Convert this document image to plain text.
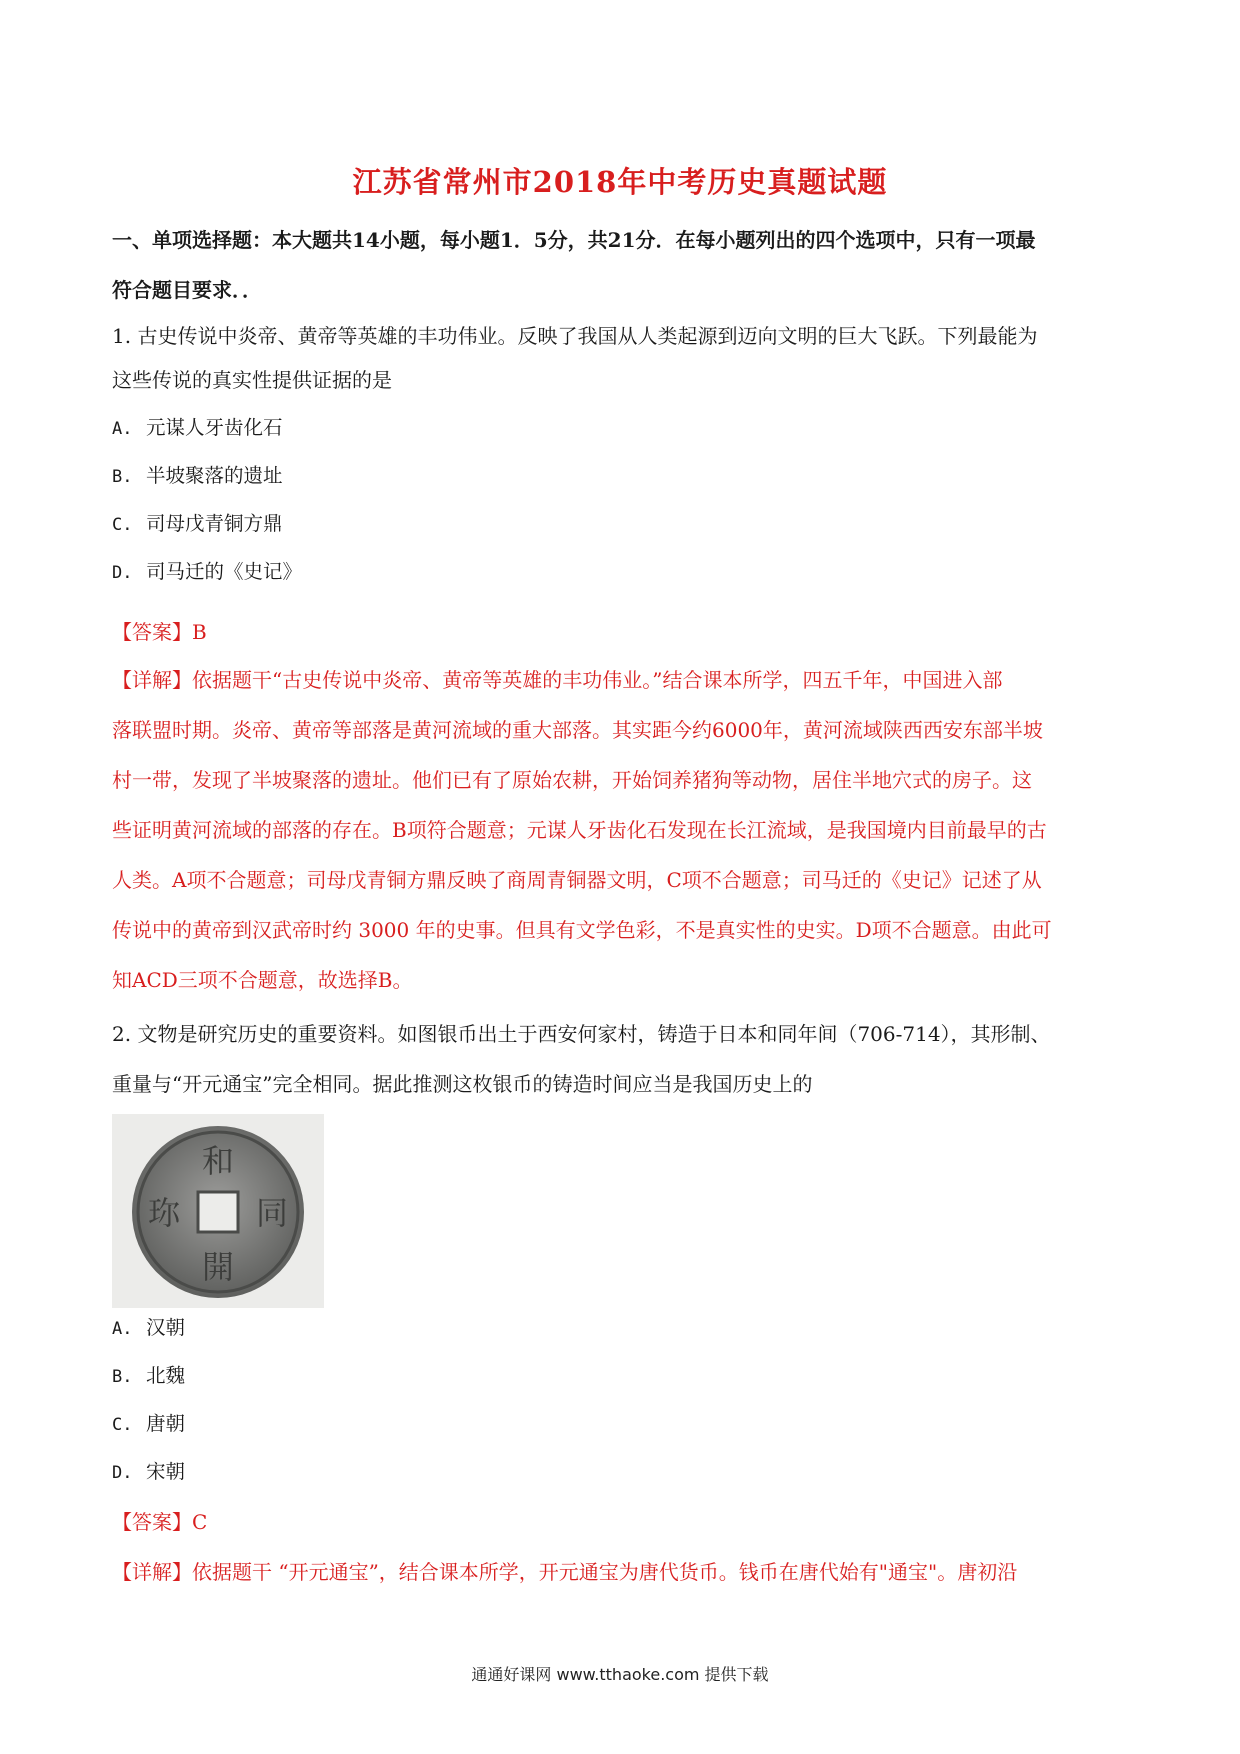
江苏省常州市2018年中考历史真题试题
一、单项选择题：本大题共14小题，每小题1．5分，共21分．在每小题列出的四个选项中，只有一项最
符合题目要求．．
1. 古史传说中炎帝、黄帝等英雄的丰功伟业。反映了我国从人类起源到迈向文明的巨大飞跃。下列最能为
这些传说的真实性提供证据的是
A. 元谋人牙齿化石
B. 半坡聚落的遗址
C. 司母戊青铜方鼎
D. 司马迁的《史记》
【答案】B
【详解】依据题干“古史传说中炎帝、黄帝等英雄的丰功伟业。”结合课本所学，四五千年，中国进入部
落联盟时期。炎帝、黄帝等部落是黄河流域的重大部落。其实距今约6000年，黄河流域陕西西安东部半坡
村一带，发现了半坡聚落的遗址。他们已有了原始农耕，开始饲养猪狗等动物，居住半地穴式的房子。这
些证明黄河流域的部落的存在。B项符合题意；元谋人牙齿化石发现在长江流域，是我国境内目前最早的古
人类。A项不合题意；司母戊青铜方鼎反映了商周青铜器文明，C项不合题意；司马迁的《史记》记述了从
传说中的黄帝到汉武帝时约 3000 年的史事。但具有文学色彩，不是真实性的史实。D项不合题意。由此可
知ACD三项不合题意，故选择B。
2. 文物是研究历史的重要资料。如图银币出土于西安何家村，铸造于日本和同年间（706-714），其形制、
重量与“开元通宝”完全相同。据此推测这枚银币的铸造时间应当是我国历史上的
和
同
開
珎
A. 汉朝
B. 北魏
C. 唐朝
D. 宋朝
【答案】C
【详解】依据题干 “开元通宝”，结合课本所学，开元通宝为唐代货币。钱币在唐代始有"通宝"。唐初沿
通通好课网 www.tthaoke.com 提供下载
